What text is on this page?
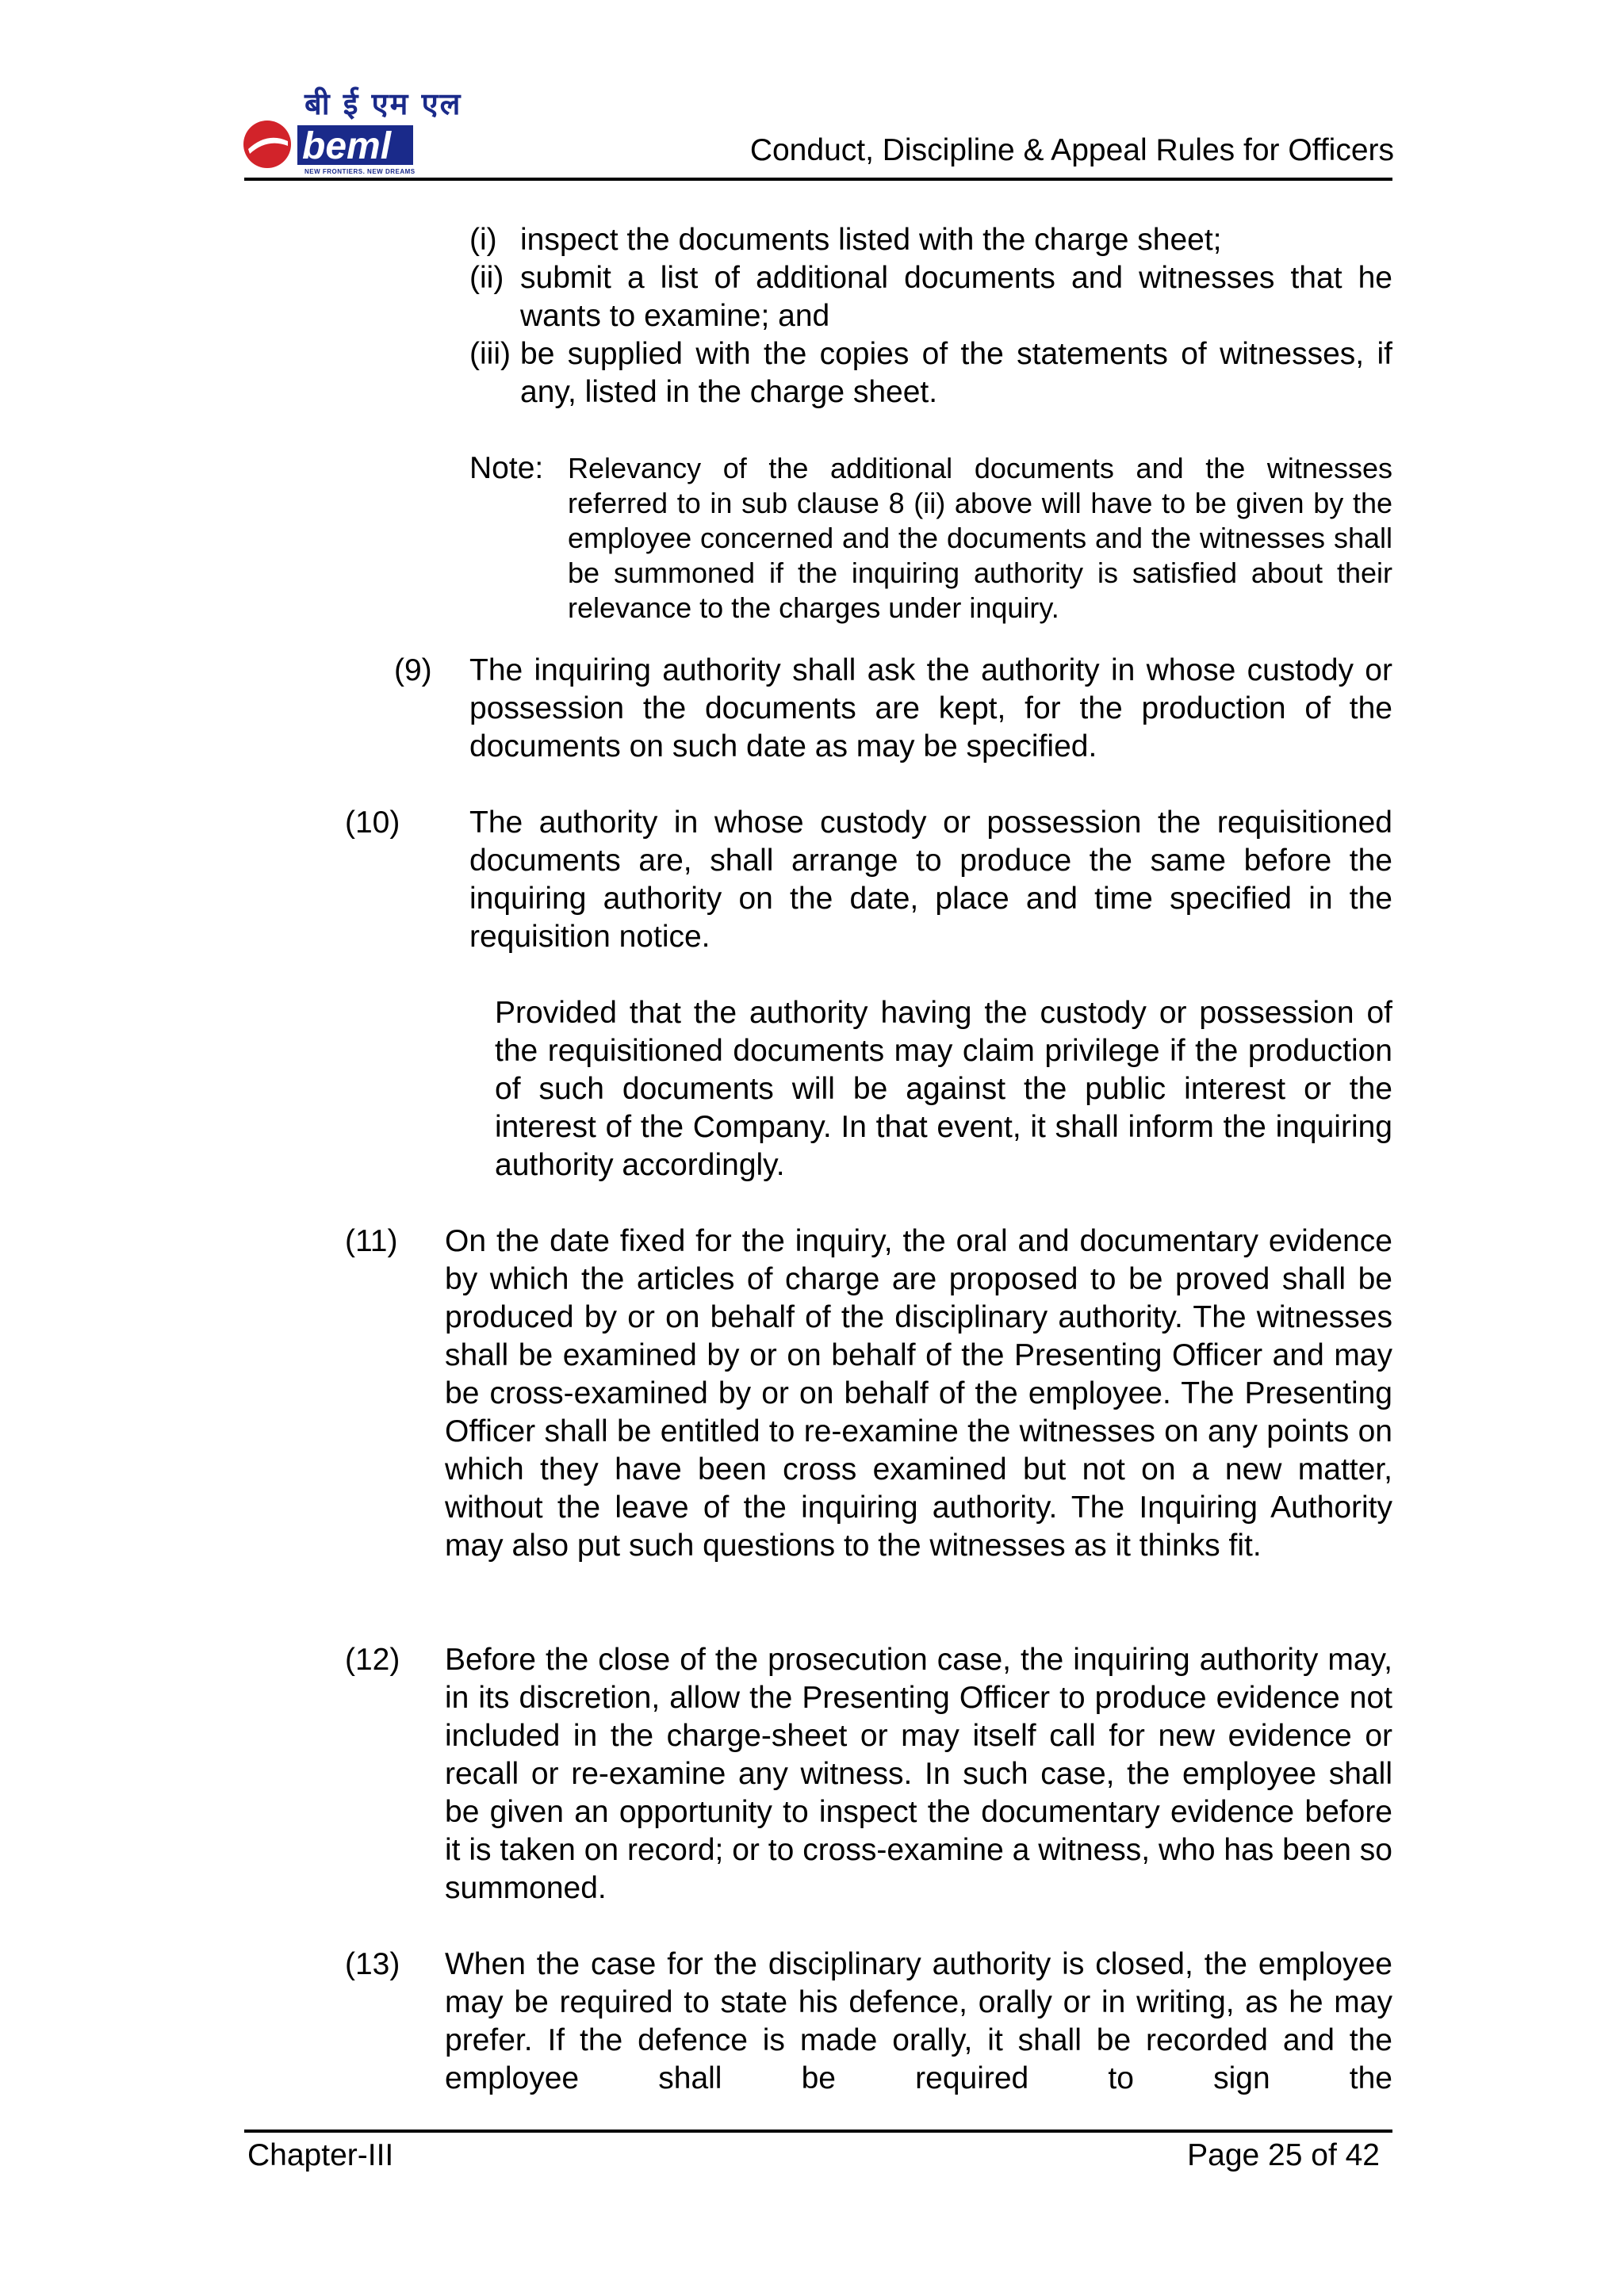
बी ई एम एल
beml
NEW FRONTIERS. NEW DREAMS
Conduct, Discipline & Appeal Rules for Officers
(i) inspect the documents listed with the charge sheet;
(ii) submit a list of additional documents and witnesses that he wants to examine; and
(iii) be supplied with the copies of the statements of witnesses, if any, listed in the charge sheet.
Note: Relevancy of the additional documents and the witnesses referred to in sub clause 8 (ii) above will have to be given by the employee concerned and the documents and the witnesses shall be summoned if the inquiring authority is satisfied about their relevance to the charges under inquiry.
(9) The inquiring authority shall ask the authority in whose custody or possession the documents are kept, for the production of the documents on such date as may be specified.
(10) The authority in whose custody or possession the requisitioned documents are, shall arrange to produce the same before the inquiring authority on the date, place and time specified in the requisition notice.
Provided that the authority having the custody or possession of the requisitioned documents may claim privilege if the production of such documents will be against the public interest or the interest of the Company. In that event, it shall inform the inquiring authority accordingly.
(11) On the date fixed for the inquiry, the oral and documentary evidence by which the articles of charge are proposed to be proved shall be produced by or on behalf of the disciplinary authority. The witnesses shall be examined by or on behalf of the Presenting Officer and may be cross-examined by or on behalf of the employee. The Presenting Officer shall be entitled to re-examine the witnesses on any points on which they have been cross examined but not on a new matter, without the leave of the inquiring authority. The Inquiring Authority may also put such questions to the witnesses as it thinks fit.
(12) Before the close of the prosecution case, the inquiring authority may, in its discretion, allow the Presenting Officer to produce evidence not included in the charge-sheet or may itself call for new evidence or recall or re-examine any witness. In such case, the employee shall be given an opportunity to inspect the documentary evidence before it is taken on record; or to cross-examine a witness, who has been so summoned.
(13) When the case for the disciplinary authority is closed, the employee may be required to state his defence, orally or in writing, as he may prefer. If the defence is made orally, it shall be recorded and the employee shall be required to sign the
Chapter-III	Page 25 of 42
